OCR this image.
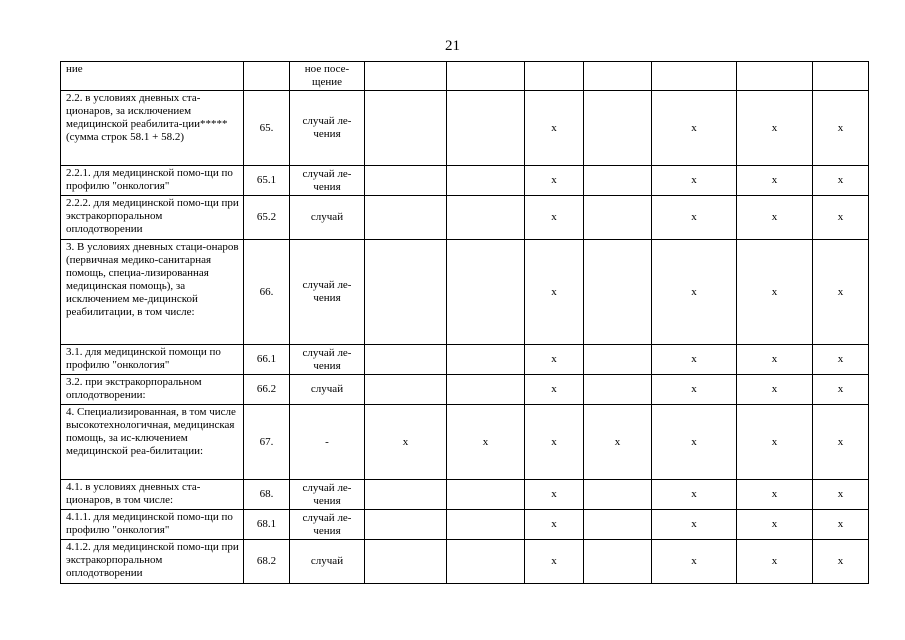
21
ние		ное посе-щение							
2.2. в условиях дневных ста-ционаров, за исключением медицинской реабилита-ции***** (сумма строк 58.1 + 58.2)	65.	случай ле-чения			х		х	х	х
2.2.1. для медицинской помо-щи по профилю "онкология"	65.1	случай ле-чения			х		х	х	х
2.2.2. для медицинской помо-щи при экстракорпоральном оплодотворении	65.2	случай			х		х	х	х
3. В условиях дневных стаци-онаров (первичная медико-санитарная помощь, специа-лизированная медицинская помощь), за исключением ме-дицинской реабилитации, в том числе:	66.	случай ле-чения			х		х	х	х
3.1. для медицинской помощи по профилю "онкология"	66.1	случай ле-чения			х		х	х	х
3.2. при экстракорпоральном оплодотворении:	66.2	случай			х		х	х	х
4. Специализированная, в том числе высокотехнологичная, медицинская помощь, за ис-ключением медицинской реа-билитации:	67.	-	х	х	х	х	х	х	х
4.1. в условиях дневных ста-ционаров, в том числе:	68.	случай ле-чения			х		х	х	х
4.1.1. для медицинской помо-щи по профилю "онкология"	68.1	случай ле-чения			х		х	х	х
4.1.2. для медицинской помо-щи при экстракорпоральном оплодотворении	68.2	случай			х		х	х	х
